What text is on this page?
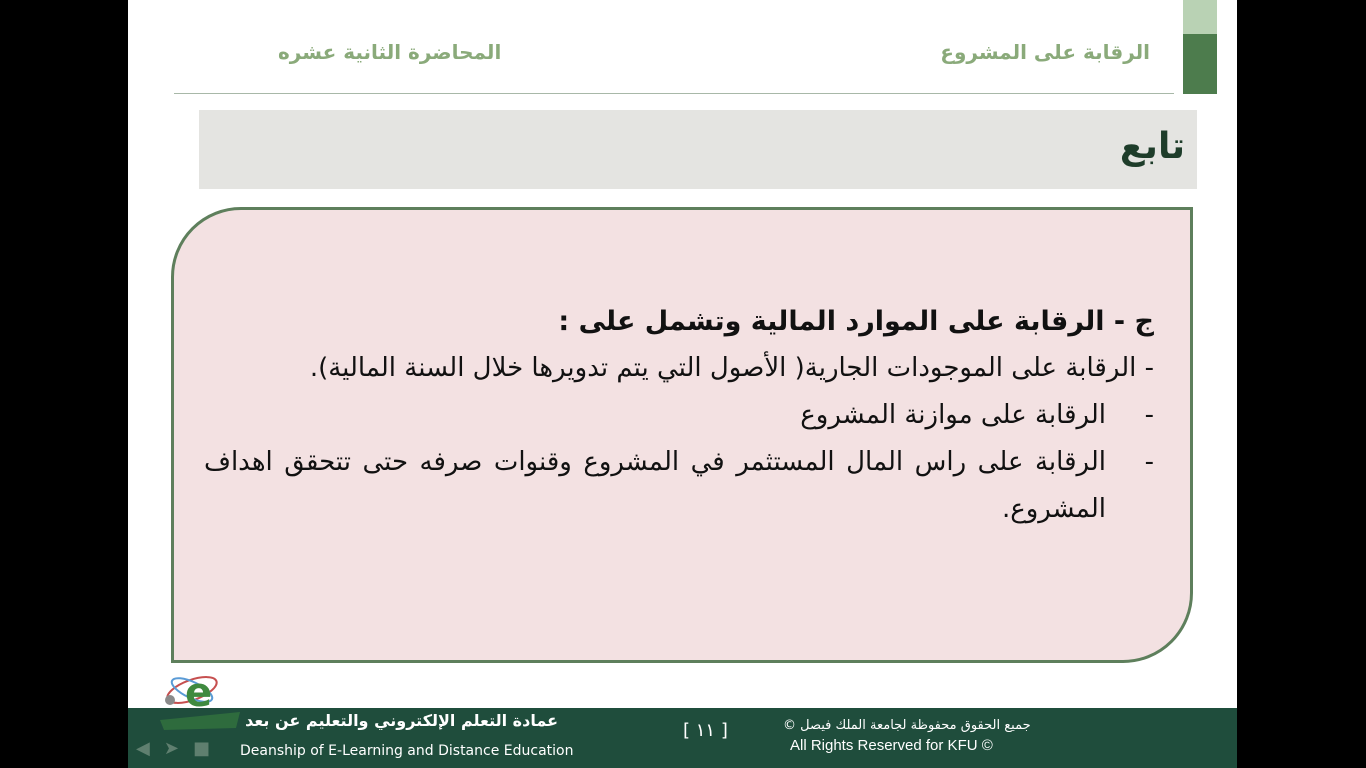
الرقابة على المشروع
المحاضرة الثانية عشره
تابع
ج - الرقابة على الموارد المالية وتشمل على :
- الرقابة على الموجودات الجارية( الأصول التي يتم تدويرها خلال السنة المالية).
-
الرقابة على موازنة المشروع
-
الرقابة على راس المال المستثمر في المشروع وقنوات صرفه حتى تتحقق اهداف المشروع.
◀ ➤ ■
عمادة التعلم الإلكتروني والتعليم عن بعد
Deanship of E-Learning and Distance Education
[ ١١ ]	جميع الحقوق محفوظة لجامعة الملك فيصل ©
All Rights Reserved for KFU ©
e
